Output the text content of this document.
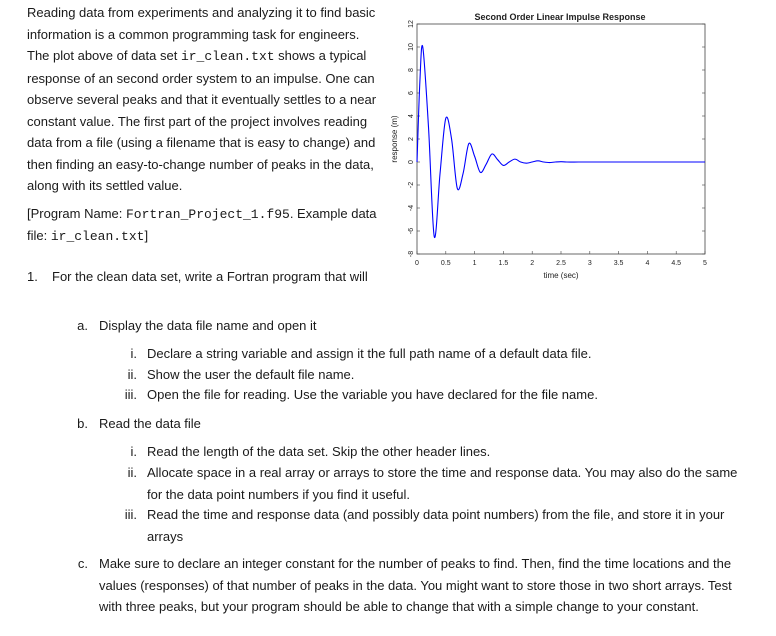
Reading data from experiments and analyzing it to find basic information is a common programming task for engineers. The plot above of data set ir_clean.txt shows a typical response of an second order system to an impulse. One can observe several peaks and that it eventually settles to a near constant value. The first part of the project involves reading data from a file (using a filename that is easy to change) and then finding an easy-to-change number of peaks in the data, along with its settled value.

[Program Name: Fortran_Project_1.f95. Example data file: ir_clean.txt]

Second Order Linear Impulse Response
0	0.5	1	1.5	2	2.5	3	3.5	4	4.5	5
-8
-6
-4
-2
0
2
4
6
8
10
12
time (sec)
response (m)
1. For the clean data set, write a Fortran program that will
a. Display the data file name and open it
i. Declare a string variable and assign it the full path name of a default data file.
ii. Show the user the default file name.
iii. Open the file for reading. Use the variable you have declared for the file name.
b. Read the data file
i. Read the length of the data set. Skip the other header lines.
ii. Allocate space in a real array or arrays to store the time and response data. You may also do the same for the data point numbers if you find it useful.
iii. Read the time and response data (and possibly data point numbers) from the file, and store it in your arrays
c. Make sure to declare an integer constant for the number of peaks to find. Then, find the time locations and the values (responses) of that number of peaks in the data. You might want to store those in two short arrays. Test with three peaks, but your program should be able to change that with a simple change to your constant.
